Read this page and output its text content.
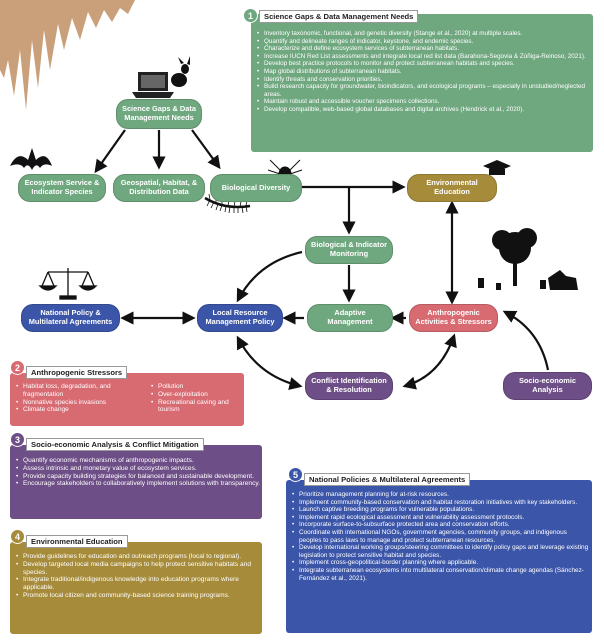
Science Gaps & Data Management Needs
Ecosystem Service & Indicator Species
Geospatial, Habitat, & Distribution Data	Biological Diversity	Environmental Education
Biological & Indicator Monitoring
National Policy & Multilateral Agreements
Local Resource Management Policy
Adaptive Management
Anthropogenic Activities & Stressors
Conflict Identification & Resolution
Socio-economic Analysis
• Inventory taxonomic, functional, and genetic diversity (Stange et al., 2020) at multiple scales.
• Quantify and delineate ranges of indicator, keystone, and endemic species.
• Characterize and define ecosystem services of subterranean habitats.
• Increase IUCN Red List assessments and integrate local red list data (Barahona-Segovia & Zúñiga-Reinoso, 2021).
• Develop best practice protocols to monitor and protect subterranean habitats and species.
• Map global distributions of subterranean habitats.
• Identify threats and conservation priorities.
• Build research capacity for groundwater, bioindicators, and ecological programs – especially in unstudied/neglected areas.
• Maintain robust and accessible voucher specimens collections.
• Develop compatible, web-based global databases and digital archives (Hendrick et al., 2020).
1	Science Gaps & Data Management Needs
• Habitat loss, degradation, and fragmentation
• Nonnative species invasions
• Climate change
• Pollution
• Over-exploitation
• Recreational caving and tourism
2	Anthropogenic Stressors
• Quantify economic mechanisms of anthropogenic impacts.
• Assess intrinsic and monetary value of ecosystem services.
• Provide capacity building strategies for balanced and sustainable development.
• Encourage stakeholders to collaboratively implement solutions with transparency.
3	Socio-economic Analysis & Conflict Mitigation
• Provide guidelines for education and outreach programs (local to regional).
• Develop targeted local media campaigns to help protect sensitive habitats and species.
• Integrate traditional/indigenous knowledge into education programs where applicable.
• Promote local citizen and community-based science training programs.
4	Environmental Education
• Prioritize management planning for at-risk resources.
• Implement community-based conservation and habitat restoration initiatives with key stakeholders.
• Launch captive breeding programs for vulnerable populations.
• Implement rapid ecological assessment and vulnerability assessment protocols.
• Incorporate surface-to-subsurface protected area and conservation efforts.
• Coordinate with international NGOs, government agencies, community groups, and indigenous peoples to pass laws to manage and protect subterranean resources.
• Develop international working groups/steering committees to identify policy gaps and leverage existing legislation to protect sensitive habitat and species.
• Implement cross-geopolitical-border planning where applicable.
• Integrate subterranean ecosystems into multilateral conservation/climate change agendas (Sánchez-Fernández et al., 2021).
5	National Policies & Multilateral Agreements
